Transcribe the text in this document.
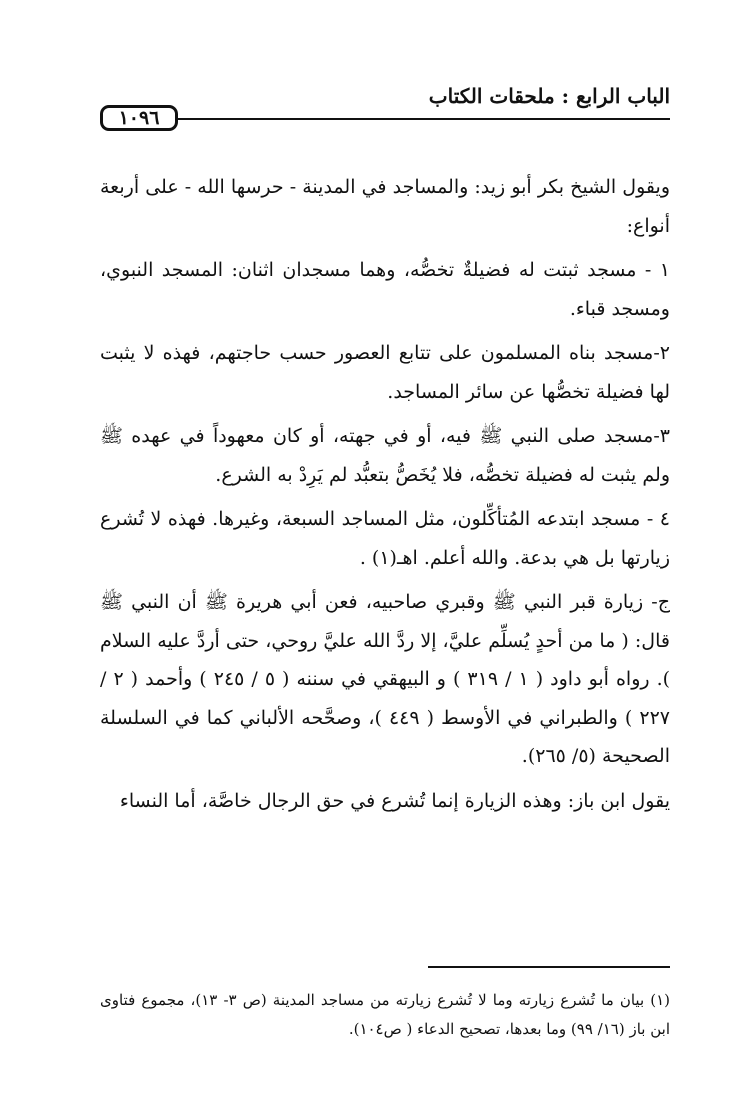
الباب الرابع : ملحقات الكتاب
١٠٩٦

ويقول الشيخ بكر أبو زيد: والمساجد في المدينة - حرسها الله - على أربعة أنواع:

١ - مسجد ثبتت له فضيلةٌ تخصُّه، وهما مسجدان اثنان: المسجد النبوي، ومسجد قباء.

٢-مسجد بناه المسلمون على تتابع العصور حسب حاجتهم، فهذه لا يثبت لها فضيلة تخصُّها عن سائر المساجد.

٣-مسجد صلى النبي ﷺ فيه، أو في جهته، أو كان معهوداً في عهده ﷺ ولم يثبت له فضيلة تخصُّه، فلا يُخَصُّ بتعبُّد لم يَرِدْ به الشرع.

٤ - مسجد ابتدعه المُتأكِّلون، مثل المساجد السبعة، وغيرها. فهذه لا تُشرع زيارتها بل هي بدعة. والله أعلم. اهـ(١) .

ج- زيارة قبر النبي ﷺ وقبري صاحبيه، فعن أبي هريرة ﷺ أن النبي ﷺ قال: ( ما من أحدٍ يُسلِّم عليَّ، إلا ردَّ الله عليَّ روحي، حتى أردَّ عليه السلام ). رواه أبو داود ( ١ / ٣١٩ ) و البيهقي في سننه ( ٥ / ٢٤٥ ) وأحمد ( ٢ / ٢٢٧ ) والطبراني في الأوسط ( ٤٤٩ )، وصحَّحه الألباني كما في السلسلة الصحيحة (٥/ ٢٦٥).

يقول ابن باز: وهذه الزيارة إنما تُشرع في حق الرجال خاصَّة، أما النساء

(١) بيان ما تُشرع زيارته وما لا تُشرع زيارته من مساجد المدينة (ص ٣- ١٣)، مجموع فتاوى ابن باز (١٦/ ٩٩) وما بعدها، تصحيح الدعاء ( ص١٠٤).
